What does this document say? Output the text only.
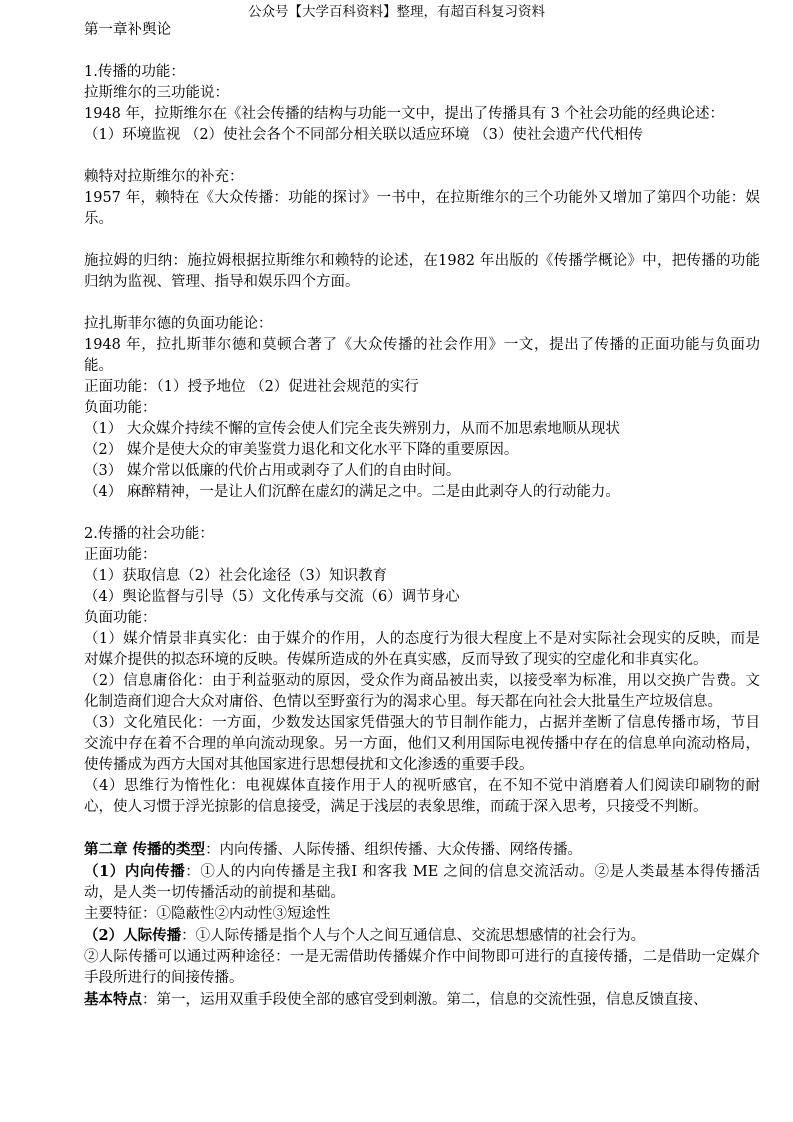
公众号【大学百科资料】整理，有超百科复习资料
第一章补舆论
1.传播的功能：
拉斯维尔的三功能说：
1948 年，拉斯维尔在《社会传播的结构与功能一文中，提出了传播具有 3 个社会功能的经典论述：
（1）环境监视 （2）使社会各个不同部分相关联以适应环境 （3）使社会遗产代代相传
赖特对拉斯维尔的补充：
1957 年，赖特在《大众传播：功能的探讨》一书中，在拉斯维尔的三个功能外又增加了第四个功能：娱乐。
施拉姆的归纳：施拉姆根据拉斯维尔和赖特的论述，在1982 年出版的《传播学概论》中，把传播的功能归纳为监视、管理、指导和娱乐四个方面。
拉扎斯菲尔德的负面功能论：
1948 年，拉扎斯菲尔德和莫顿合著了《大众传播的社会作用》一文，提出了传播的正面功能与负面功能。
正面功能：（1）授予地位 （2）促进社会规范的实行
负面功能：
（1） 大众媒介持续不懈的宣传会使人们完全丧失辨别力，从而不加思索地顺从现状
（2） 媒介是使大众的审美鉴赏力退化和文化水平下降的重要原因。
（3） 媒介常以低廉的代价占用或剥夺了人们的自由时间。
（4） 麻醉精神，一是让人们沉醉在虚幻的满足之中。二是由此剥夺人的行动能力。
2.传播的社会功能：
正面功能：
（1）获取信息（2）社会化途径（3）知识教育
（4）舆论监督与引导（5）文化传承与交流（6）调节身心
负面功能：
（1）媒介情景非真实化：由于媒介的作用，人的态度行为很大程度上不是对实际社会现实的反映，而是对媒介提供的拟态环境的反映。传媒所造成的外在真实感，反而导致了现实的空虚化和非真实化。
（2）信息庸俗化：由于利益驱动的原因，受众作为商品被出卖，以接受率为标准，用以交换广告费。文化制造商们迎合大众对庸俗、色情以至野蛮行为的渴求心里。每天都在向社会大批量生产垃圾信息。
（3）文化殖民化：一方面，少数发达国家凭借强大的节目制作能力，占据并垄断了信息传播市场，节目交流中存在着不合理的单向流动现象。另一方面，他们又利用国际电视传播中存在的信息单向流动格局，使传播成为西方大国对其他国家进行思想侵扰和文化渗透的重要手段。
（4）思维行为惰性化：电视媒体直接作用于人的视听感官，在不知不觉中消磨着人们阅读印刷物的耐心，使人习惯于浮光掠影的信息接受，满足于浅层的表象思维，而疏于深入思考，只接受不判断。
第二章 传播的类型：内向传播、人际传播、组织传播、大众传播、网络传播。
（1）内向传播：①人的内向传播是主我I 和客我 ME 之间的信息交流活动。②是人类最基本得传播活动，是人类一切传播活动的前提和基础。
主要特征：①隐蔽性②内动性③短途性
（2）人际传播：①人际传播是指个人与个人之间互通信息、交流思想感情的社会行为。
②人际传播可以通过两种途径：一是无需借助传播媒介作中间物即可进行的直接传播，二是借助一定媒介手段所进行的间接传播。
基本特点：第一，运用双重手段使全部的感官受到刺激。第二，信息的交流性强，信息反馈直接、
